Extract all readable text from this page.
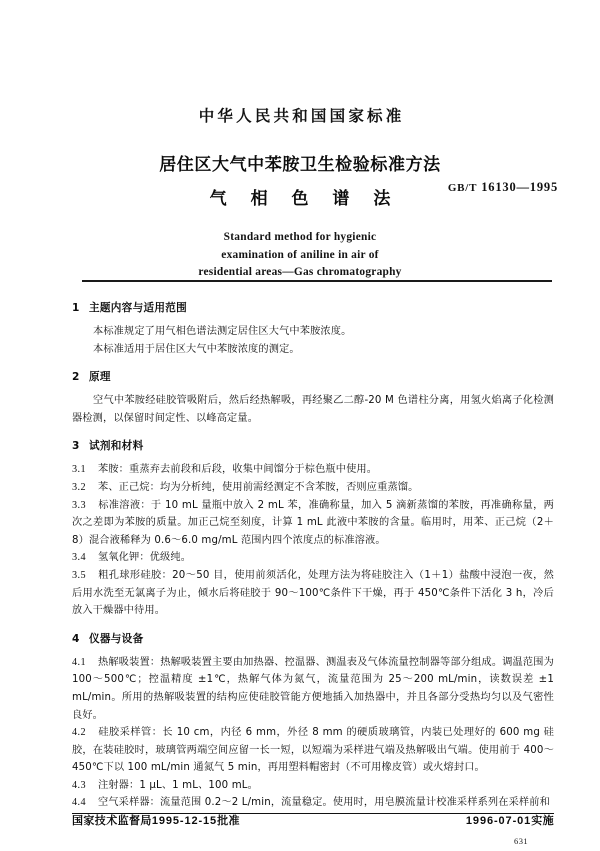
中华人民共和国国家标准
居住区大气中苯胺卫生检验标准方法
气 相 色 谱 法
GB/T 16130—1995
Standard method for hygienic
examination of aniline in air of
residential areas—Gas chromatography
1 主题内容与适用范围

本标准规定了用气相色谱法测定居住区大气中苯胺浓度。

本标准适用于居住区大气中苯胺浓度的测定。

2 原理

空气中苯胺经硅胶管吸附后，然后经热解吸，再经聚乙二醇-20 M 色谱柱分离，用氢火焰离子化检测器检测，以保留时间定性、以峰高定量。

3 试剂和材料

3.1 苯胺：重蒸弃去前段和后段，收集中间馏分于棕色瓶中使用。

3.2 苯、正己烷：均为分析纯，使用前需经测定不含苯胺，否则应重蒸馏。

3.3 标准溶液：于 10 mL 量瓶中放入 2 mL 苯，准确称量，加入 5 滴新蒸馏的苯胺，再准确称量，两次之差即为苯胺的质量。加正己烷至刻度，计算 1 mL 此液中苯胺的含量。临用时，用苯、正己烷（2＋8）混合液稀释为 0.6～6.0 mg/mL 范围内四个浓度点的标准溶液。

3.4 氢氧化钾：优级纯。

3.5 粗孔球形硅胶：20～50 目，使用前须活化，处理方法为将硅胶注入（1＋1）盐酸中浸泡一夜，然后用水洗至无氯离子为止，倾水后将硅胶于 90～100℃条件下干燥，再于 450℃条件下活化 3 h，冷后放入干燥器中待用。

4 仪器与设备

4.1 热解吸装置：热解吸装置主要由加热器、控温器、测温表及气体流量控制器等部分组成。调温范围为 100～500℃；控温精度 ±1℃，热解气体为氮气，流量范围为 25～200 mL/min，读数误差 ±1 mL/min。所用的热解吸装置的结构应使硅胶管能方便地插入加热器中，并且各部分受热均匀以及气密性良好。

4.2 硅胶采样管：长 10 cm，内径 6 mm，外径 8 mm 的硬质玻璃管，内装已处理好的 600 mg 硅胶，在装硅胶时，玻璃管两端空间应留一长一短，以短端为采样进气端及热解吸出气端。使用前于 400～450℃下以 100 mL/min 通氮气 5 min，再用塑料帽密封（不可用橡皮管）或火熔封口。

4.3 注射器：1 μL、1 mL、100 mL。

4.4 空气采样器：流量范围 0.2～2 L/min，流量稳定。使用时，用皂膜流量计校准采样系列在采样前和

国家技术监督局1995-12-15批准	1996-07-01实施
631
